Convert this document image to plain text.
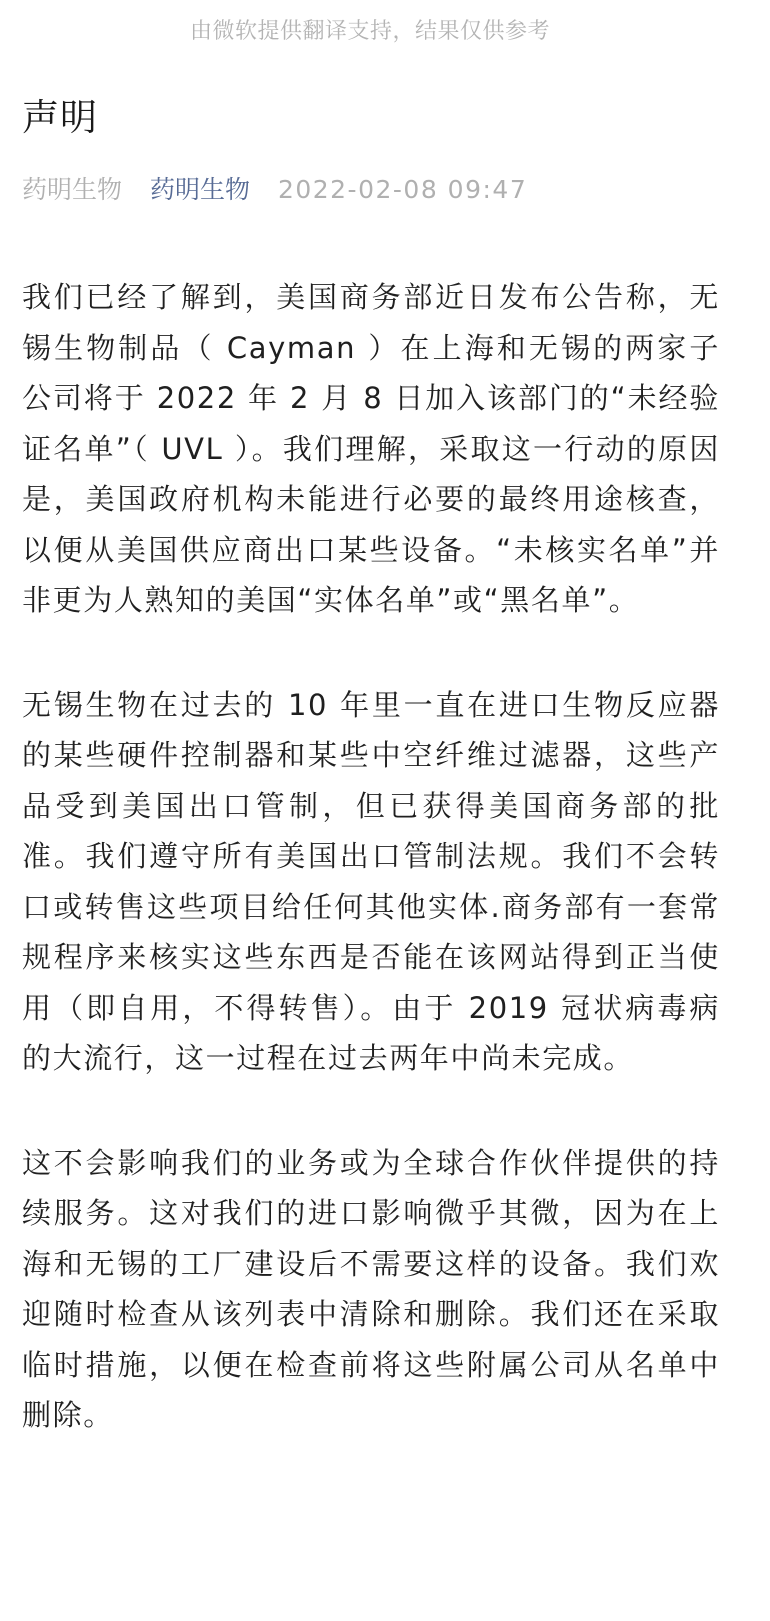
由微软提供翻译支持，结果仅供参考
声明
药明生物 药明生物 2022-02-08 09:47

我们已经了解到，美国商务部近日发布公告称，无锡生物制品（ Cayman ）在上海和无锡的两家子公司将于 2022 年 2 月 8 日加入该部门的“未经验证名单”（ UVL ）。我们理解，采取这一行动的原因是，美国政府机构未能进行必要的最终用途核查，以便从美国供应商出口某些设备。“未核实名单”并非更为人熟知的美国“实体名单”或“黑名单”。

无锡生物在过去的 10 年里一直在进口生物反应器的某些硬件控制器和某些中空纤维过滤器，这些产品受到美国出口管制，但已获得美国商务部的批准。我们遵守所有美国出口管制法规。我们不会转口或转售这些项目给任何其他实体.商务部有一套常规程序来核实这些东西是否能在该网站得到正当使用（即自用，不得转售）。由于 2019 冠状病毒病的大流行，这一过程在过去两年中尚未完成。

这不会影响我们的业务或为全球合作伙伴提供的持续服务。这对我们的进口影响微乎其微，因为在上海和无锡的工厂建设后不需要这样的设备。我们欢迎随时检查从该列表中清除和删除。我们还在采取临时措施，以便在检查前将这些附属公司从名单中删除。
